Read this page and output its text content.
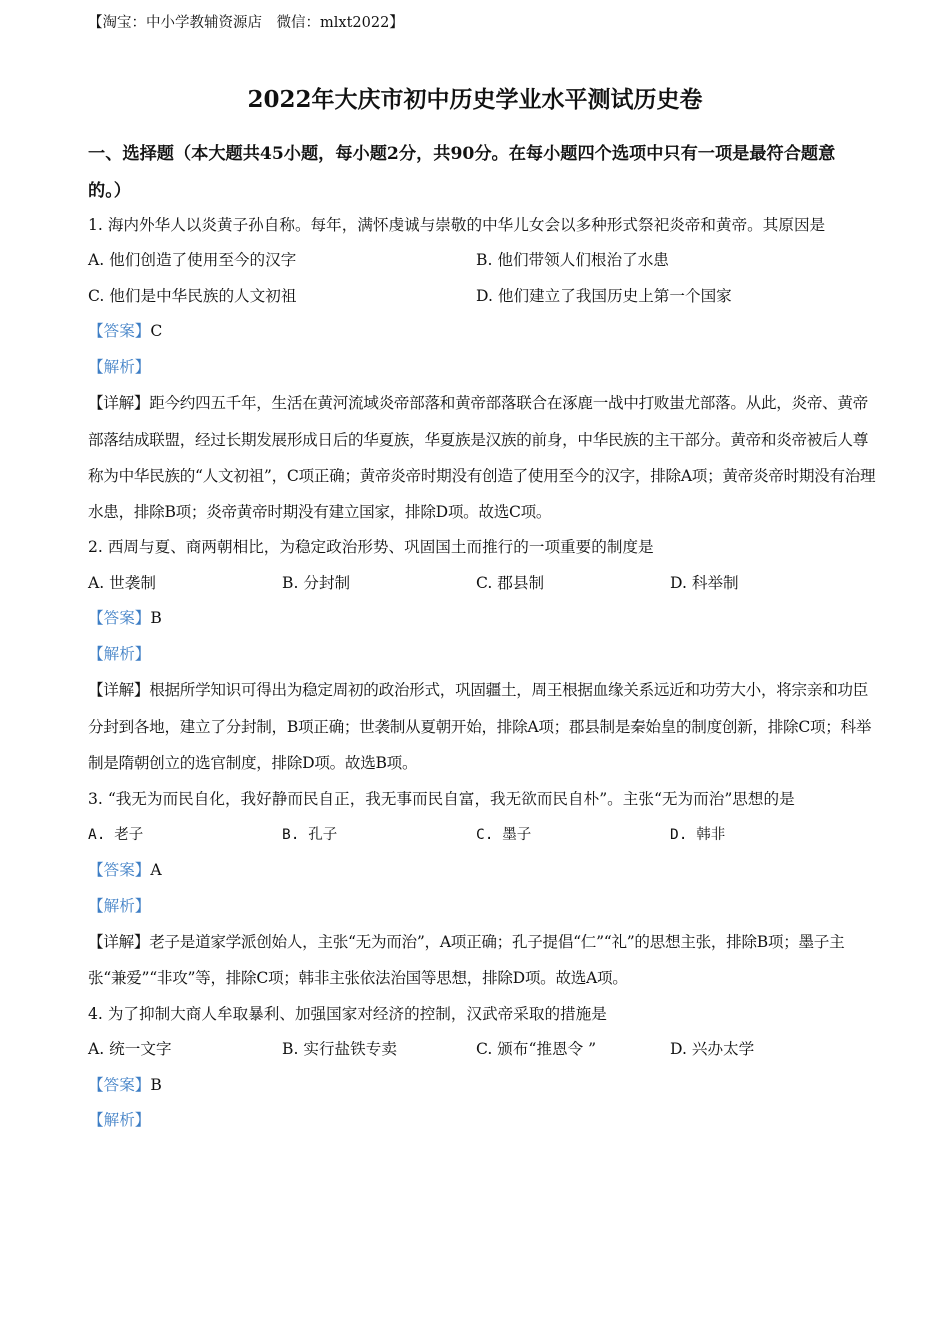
【淘宝：中小学教辅资源店　微信：mlxt2022】
2022年大庆市初中历史学业水平测试历史卷
一、选择题（本大题共45小题，每小题2分，共90分。在每小题四个选项中只有一项是最符合题意的。）
1. 海内外华人以炎黄子孙自称。每年，满怀虔诚与崇敬的中华儿女会以多种形式祭祀炎帝和黄帝。其原因是
A. 他们创造了使用至今的汉字	B. 他们带领人们根治了水患
C. 他们是中华民族的人文初祖	D. 他们建立了我国历史上第一个国家
【答案】C
【解析】
【详解】距今约四五千年，生活在黄河流域炎帝部落和黄帝部落联合在涿鹿一战中打败蚩尤部落。从此，炎帝、黄帝部落结成联盟，经过长期发展形成日后的华夏族，华夏族是汉族的前身，中华民族的主干部分。黄帝和炎帝被后人尊称为中华民族的“人文初祖”，C项正确；黄帝炎帝时期没有创造了使用至今的汉字，排除A项；黄帝炎帝时期没有治理水患，排除B项；炎帝黄帝时期没有建立国家，排除D项。故选C项。
2. 西周与夏、商两朝相比，为稳定政治形势、巩固国土而推行的一项重要的制度是
A. 世袭制	B. 分封制	C. 郡县制	D. 科举制
【答案】B
【解析】
【详解】根据所学知识可得出为稳定周初的政治形式，巩固疆土，周王根据血缘关系远近和功劳大小，将宗亲和功臣分封到各地，建立了分封制，B项正确；世袭制从夏朝开始，排除A项；郡县制是秦始皇的制度创新，排除C项；科举制是隋朝创立的选官制度，排除D项。故选B项。
3. “我无为而民自化，我好静而民自正，我无事而民自富，我无欲而民自朴”。主张“无为而治”思想的是
A. 老子	B. 孔子	C. 墨子	D. 韩非
【答案】A
【解析】
【详解】老子是道家学派创始人，主张“无为而治”，A项正确；孔子提倡“仁”“礼”的思想主张，排除B项；墨子主张“兼爱”“非攻”等，排除C项；韩非主张依法治国等思想，排除D项。故选A项。
4. 为了抑制大商人牟取暴利、加强国家对经济的控制，汉武帝采取的措施是
A. 统一文字	B. 实行盐铁专卖	C. 颁布“推恩令 ”	D. 兴办太学
【答案】B
【解析】
